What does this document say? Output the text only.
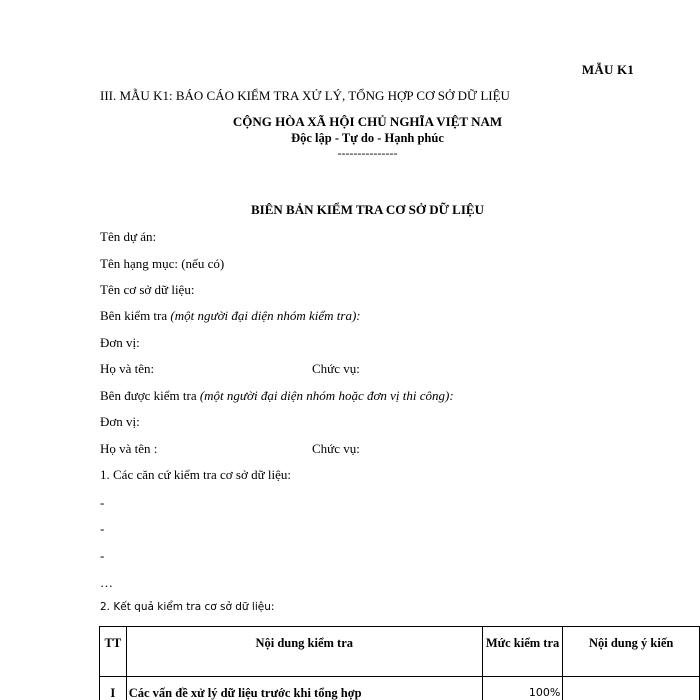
MẪU K1
III. MẪU K1: BÁO CÁO KIỂM TRA XỬ LÝ, TỔNG HỢP CƠ SỞ DỮ LIỆU
CỘNG HÒA XÃ HỘI CHỦ NGHĨA VIỆT NAM
Độc lập - Tự do - Hạnh phúc
---------------
BIÊN BẢN KIỂM TRA CƠ SỞ DỮ LIỆU
Tên dự án:
Tên hạng mục: (nếu có)
Tên cơ sở dữ liệu:
Bên kiểm tra (một người đại diện nhóm kiểm tra):
Đơn vị:
Họ và tên:	Chức vụ:
Bên được kiểm tra (một người đại diện nhóm hoặc đơn vị thi công):
Đơn vị:
Họ và tên :	Chức vụ:
1. Các căn cứ kiểm tra cơ sở dữ liệu:
-
-
-
…
2. Kết quả kiểm tra cơ sở dữ liệu:
TT	Nội dung kiểm tra	Mức kiểm tra	Nội dung ý kiến
I	Các vấn đề xử lý dữ liệu trước khi tổng hợp	100%	
